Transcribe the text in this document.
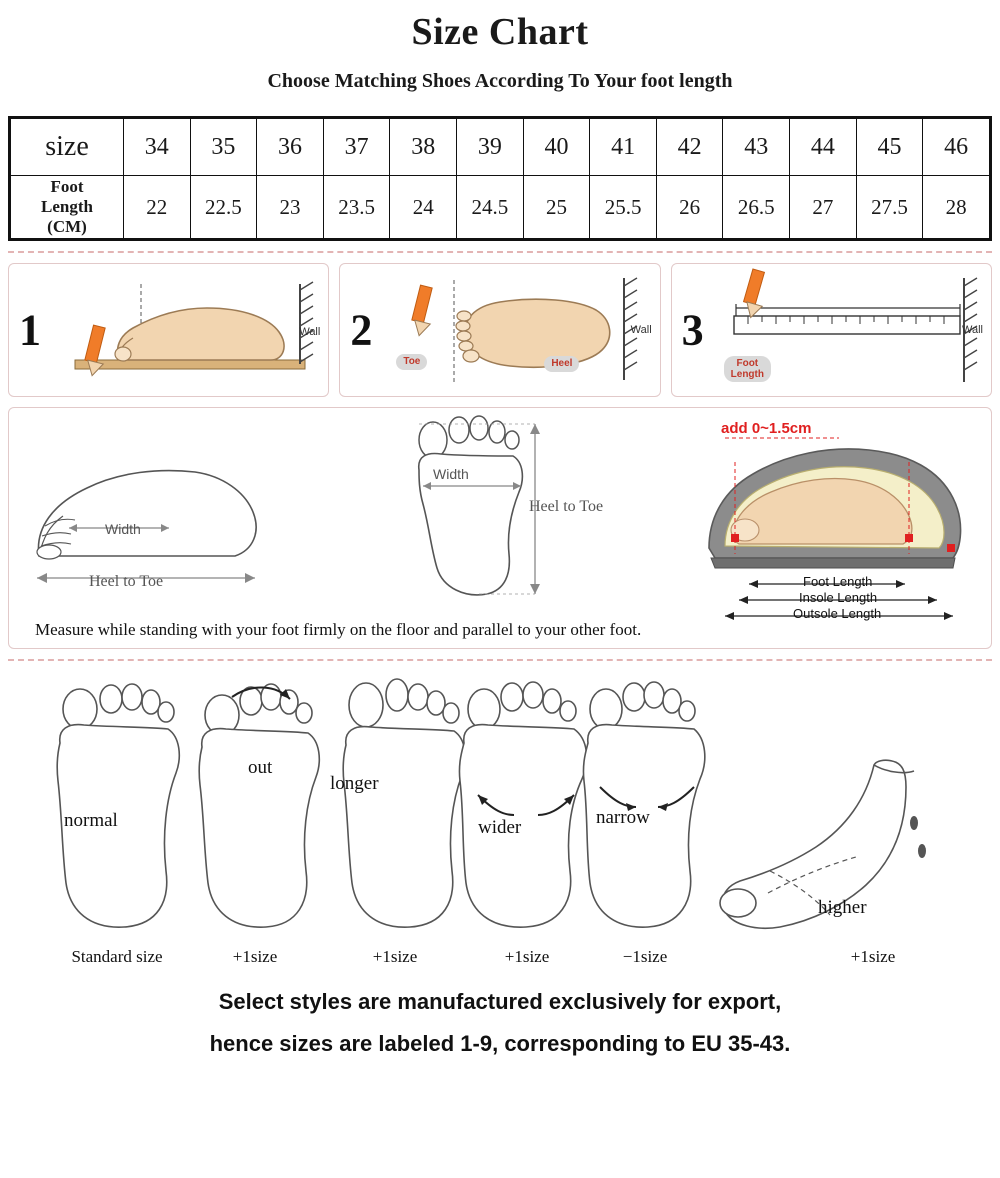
Size Chart
Choose Matching Shoes According To Your foot length
size	34	35	36	37	38	39	40	41	42	43	44	45	46
Foot
Length
(CM)	22	22.5	23	23.5	24	24.5	25	25.5	26	26.5	27	27.5	28
1	Wall 2	Wall
Toe	Heel
3	Wall
Foot
Length
Width
Heel to Toe
Width
Heel to Toe
add 0~1.5cm
Foot Length
Insole Length
Outsole Length
Measure while standing with your foot firmly on the floor and parallel to your other foot.
normal
out
longer
wider	narrow
higher
Standard size	+1size	+1size	+1size	−1size	+1size
Select styles are manufactured exclusively for export,
hence sizes are labeled 1-9, corresponding to EU 35-43.
